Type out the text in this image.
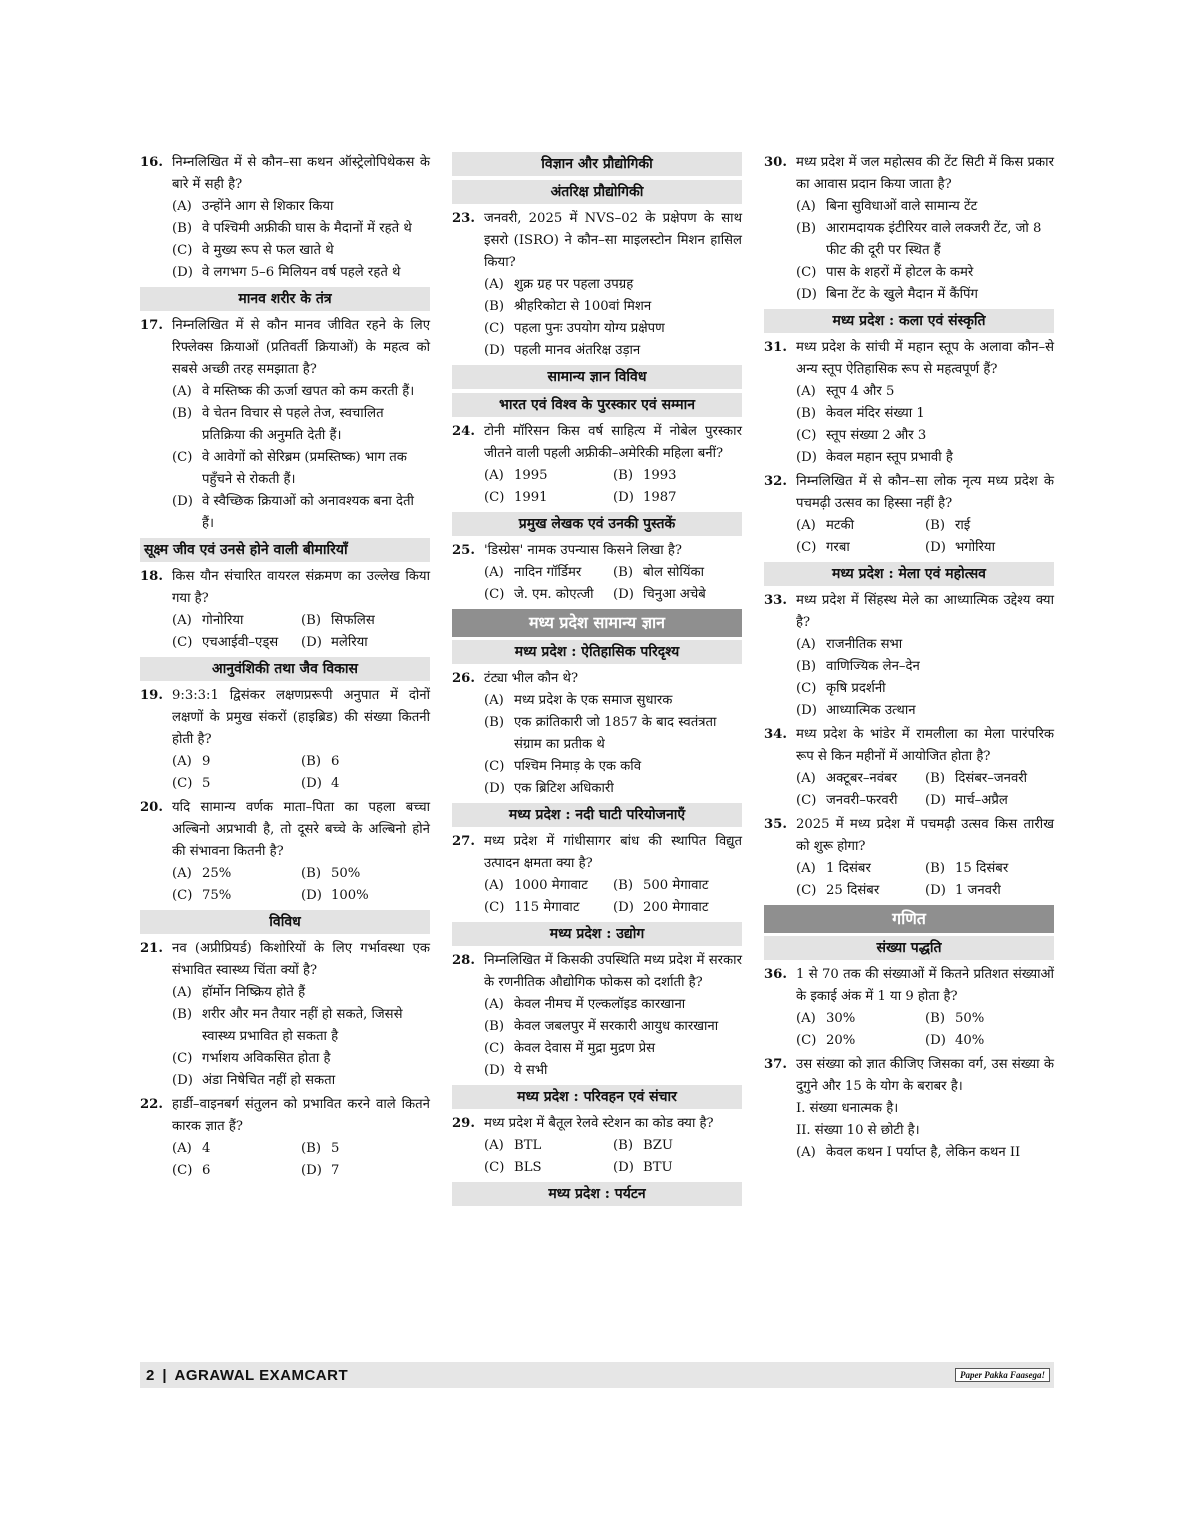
16. निम्नलिखित में से कौन–सा कथन ऑस्ट्रेलोपिथेकस के बारे में सही है?
(A) उन्होंने आग से शिकार किया
(B) वे पश्चिमी अफ्रीकी घास के मैदानों में रहते थे
(C) वे मुख्य रूप से फल खाते थे
(D) वे लगभग 5–6 मिलियन वर्ष पहले रहते थे
मानव शरीर के तंत्र
17. निम्नलिखित में से कौन मानव जीवित रहने के लिए रिफ्लेक्स क्रियाओं (प्रतिवर्ती क्रियाओं) के महत्व को सबसे अच्छी तरह समझाता है?
(A) वे मस्तिष्क की ऊर्जा खपत को कम करती हैं।
(B) वे चेतन विचार से पहले तेज, स्वचालित प्रतिक्रिया की अनुमति देती हैं।
(C) वे आवेगों को सेरिब्रम (प्रमस्तिष्क) भाग तक पहुँचने से रोकती हैं।
(D) वे स्वैच्छिक क्रियाओं को अनावश्यक बना देती हैं।
सूक्ष्म जीव एवं उनसे होने वाली बीमारियाँ
18. किस यौन संचारित वायरल संक्रमण का उल्लेख किया गया है?
(A) गोनोरिया	(B) सिफलिस
(C) एचआईवी–एड्स	(D) मलेरिया
आनुवंशिकी तथा जैव विकास
19. 9:3:3:1 द्विसंकर लक्षणप्ररूपी अनुपात में दोनों लक्षणों के प्रमुख संकरों (हाइब्रिड) की संख्या कितनी होती है?
(A) 9	(B) 6
(C) 5	(D) 4
20. यदि सामान्य वर्णक माता–पिता का पहला बच्चा अल्बिनो अप्रभावी है, तो दूसरे बच्चे के अल्बिनो होने की संभावना कितनी है?
(A) 25%	(B) 50%
(C) 75%	(D) 100%
विविध
21. नव (अप्रीप्रियर्ड) किशोरियों के लिए गर्भावस्था एक संभावित स्वास्थ्य चिंता क्यों है?
(A) हॉर्मोन निष्क्रिय होते हैं
(B) शरीर और मन तैयार नहीं हो सकते, जिससे स्वास्थ्य प्रभावित हो सकता है
(C) गर्भाशय अविकसित होता है
(D) अंडा निषेचित नहीं हो सकता
22. हार्डी–वाइनबर्ग संतुलन को प्रभावित करने वाले कितने कारक ज्ञात हैं?
(A) 4	(B) 5
(C) 6	(D) 7
विज्ञान और प्रौद्योगिकी
अंतरिक्ष प्रौद्योगिकी
23. जनवरी, 2025 में NVS–02 के प्रक्षेपण के साथ इसरो (ISRO) ने कौन–सा माइलस्टोन मिशन हासिल किया?
(A) शुक्र ग्रह पर पहला उपग्रह
(B) श्रीहरिकोटा से 100वां मिशन
(C) पहला पुनः उपयोग योग्य प्रक्षेपण
(D) पहली मानव अंतरिक्ष उड़ान
सामान्य ज्ञान विविध
भारत एवं विश्व के पुरस्कार एवं सम्मान
24. टोनी मॉरिसन किस वर्ष साहित्य में नोबेल पुरस्कार जीतने वाली पहली अफ्रीकी–अमेरिकी महिला बनीं?
(A) 1995	(B) 1993
(C) 1991	(D) 1987
प्रमुख लेखक एवं उनकी पुस्तकें
25. 'डिस्ग्रेस' नामक उपन्यास किसने लिखा है?
(A) नादिन गॉर्डिमर	(B) बोल सोयिंका
(C) जे. एम. कोएत्जी	(D) चिनुआ अचेबे
मध्य प्रदेश सामान्य ज्ञान
मध्य प्रदेश : ऐतिहासिक परिदृश्य
26. टंट्या भील कौन थे?
(A) मध्य प्रदेश के एक समाज सुधारक
(B) एक क्रांतिकारी जो 1857 के बाद स्वतंत्रता संग्राम का प्रतीक थे
(C) पश्चिम निमाड़ के एक कवि
(D) एक ब्रिटिश अधिकारी
मध्य प्रदेश : नदी घाटी परियोजनाएँ
27. मध्य प्रदेश में गांधीसागर बांध की स्थापित विद्युत उत्पादन क्षमता क्या है?
(A) 1000 मेगावाट	(B) 500 मेगावाट
(C) 115 मेगावाट	(D) 200 मेगावाट
मध्य प्रदेश : उद्योग
28. निम्नलिखित में किसकी उपस्थिति मध्य प्रदेश में सरकार के रणनीतिक औद्योगिक फोकस को दर्शाती है?
(A) केवल नीमच में एल्कलॉइड कारखाना
(B) केवल जबलपुर में सरकारी आयुध कारखाना
(C) केवल देवास में मुद्रा मुद्रण प्रेस
(D) ये सभी
मध्य प्रदेश : परिवहन एवं संचार
29. मध्य प्रदेश में बैतूल रेलवे स्टेशन का कोड क्या है?
(A) BTL	(B) BZU
(C) BLS	(D) BTU
मध्य प्रदेश : पर्यटन
30. मध्य प्रदेश में जल महोत्सव की टेंट सिटी में किस प्रकार का आवास प्रदान किया जाता है?
(A) बिना सुविधाओं वाले सामान्य टेंट
(B) आरामदायक इंटीरियर वाले लक्जरी टेंट, जो 8 फीट की दूरी पर स्थित हैं
(C) पास के शहरों में होटल के कमरे
(D) बिना टेंट के खुले मैदान में कैंपिंग
मध्य प्रदेश : कला एवं संस्कृति
31. मध्य प्रदेश के सांची में महान स्तूप के अलावा कौन–से अन्य स्तूप ऐतिहासिक रूप से महत्वपूर्ण हैं?
(A) स्तूप 4 और 5
(B) केवल मंदिर संख्या 1
(C) स्तूप संख्या 2 और 3
(D) केवल महान स्तूप प्रभावी है
32. निम्नलिखित में से कौन–सा लोक नृत्य मध्य प्रदेश के पचमढ़ी उत्सव का हिस्सा नहीं है?
(A) मटकी	(B) राई
(C) गरबा	(D) भगोरिया
मध्य प्रदेश : मेला एवं महोत्सव
33. मध्य प्रदेश में सिंहस्थ मेले का आध्यात्मिक उद्देश्य क्या है?
(A) राजनीतिक सभा
(B) वाणिज्यिक लेन–देन
(C) कृषि प्रदर्शनी
(D) आध्यात्मिक उत्थान
34. मध्य प्रदेश के भांडेर में रामलीला का मेला पारंपरिक रूप से किन महीनों में आयोजित होता है?
(A) अक्टूबर–नवंबर	(B) दिसंबर–जनवरी
(C) जनवरी–फरवरी	(D) मार्च–अप्रैल
35. 2025 में मध्य प्रदेश में पचमढ़ी उत्सव किस तारीख को शुरू होगा?
(A) 1 दिसंबर	(B) 15 दिसंबर
(C) 25 दिसंबर	(D) 1 जनवरी
गणित
संख्या पद्धति
36. 1 से 70 तक की संख्याओं में कितने प्रतिशत संख्याओं के इकाई अंक में 1 या 9 होता है?
(A) 30%	(B) 50%
(C) 20%	(D) 40%
37. उस संख्या को ज्ञात कीजिए जिसका वर्ग, उस संख्या के दुगुने और 15 के योग के बराबर है।
I. संख्या धनात्मक है।
II. संख्या 10 से छोटी है।
(A) केवल कथन I पर्याप्त है, लेकिन कथन II
2 | AGRAWAL EXAMCART	Paper Pakka Faasega!
